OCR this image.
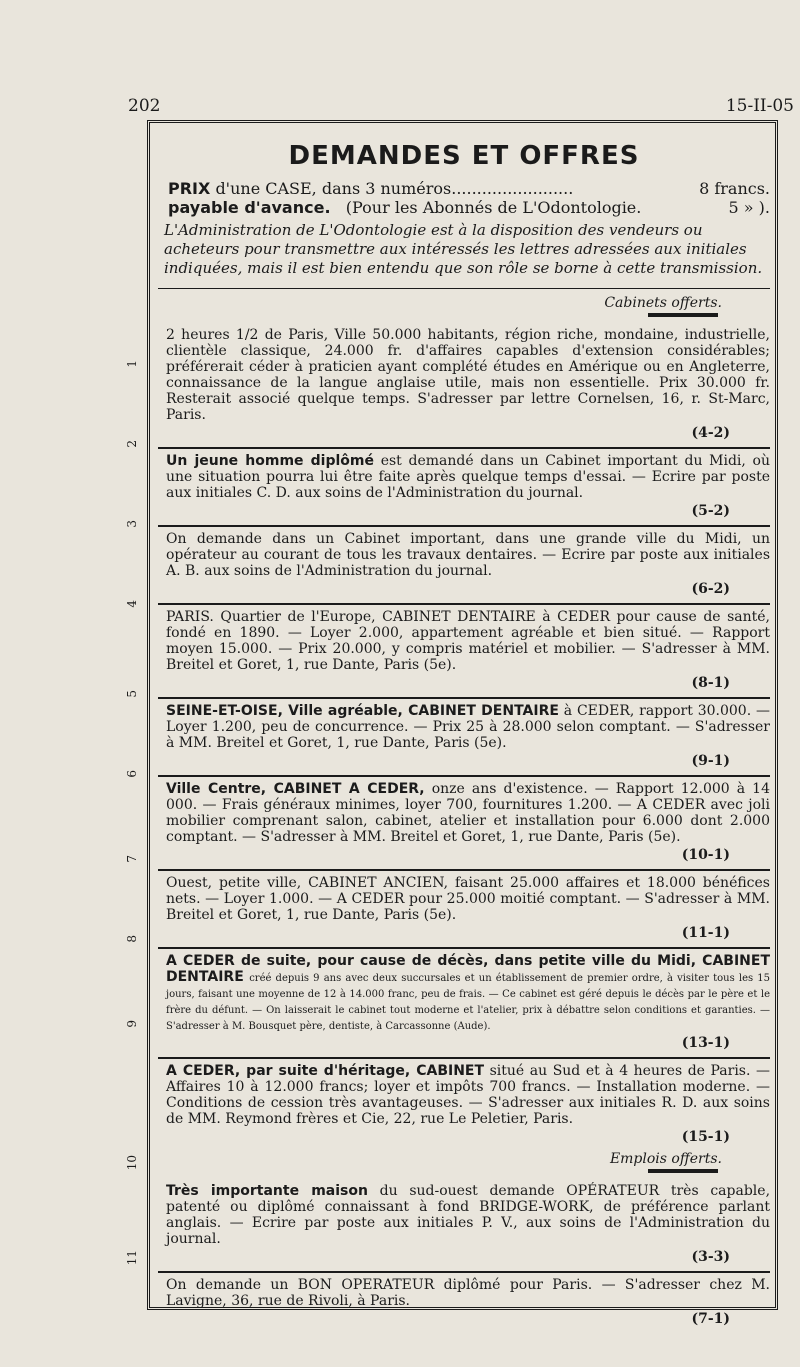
202	15-II-05
1
2
3
4
5
6
7
8
9
10
11
DEMANDES ET OFFRES
PRIX d'une CASE, dans 3 numéros........................	8 francs.
payable d'avance. (Pour les Abonnés de L'Odontologie.	5 » ).
L'Administration de L'Odontologie est à la disposition des vendeurs ou acheteurs pour transmettre aux intéressés les lettres adressées aux initiales indiquées, mais il est bien entendu que son rôle se borne à cette transmission.
Cabinets offerts.
2 heures 1/2 de Paris, Ville 50.000 habitants, région riche, mondaine, industrielle, clientèle classique, 24.000 fr. d'affaires capables d'extension considérables; préférerait céder à praticien ayant complété études en Amérique ou en Angleterre, connaissance de la langue anglaise utile, mais non essentielle. Prix 30.000 fr. Resterait associé quelque temps. S'adresser par lettre Cornelsen, 16, r. St-Marc, Paris.
(4-2)
Un jeune homme diplômé est demandé dans un Cabinet important du Midi, où une situation pourra lui être faite après quelque temps d'essai. — Ecrire par poste aux initiales C. D. aux soins de l'Administration du journal.
(5-2)
On demande dans un Cabinet important, dans une grande ville du Midi, un opérateur au courant de tous les travaux dentaires. — Ecrire par poste aux initiales A. B. aux soins de l'Administration du journal.
(6-2)
PARIS. Quartier de l'Europe, CABINET DENTAIRE à CEDER pour cause de santé, fondé en 1890. — Loyer 2.000, appartement agréable et bien situé. — Rapport moyen 15.000. — Prix 20.000, y compris matériel et mobilier. — S'adresser à MM. Breitel et Goret, 1, rue Dante, Paris (5e).
(8-1)
SEINE-ET-OISE, Ville agréable, CABINET DENTAIRE à CEDER, rapport 30.000. — Loyer 1.200, peu de concurrence. — Prix 25 à 28.000 selon comptant. — S'adresser à MM. Breitel et Goret, 1, rue Dante, Paris (5e).
(9-1)
Ville Centre, CABINET A CEDER, onze ans d'existence. — Rapport 12.000 à 14 000. — Frais généraux minimes, loyer 700, fournitures 1.200. — A CEDER avec joli mobilier comprenant salon, cabinet, atelier et installation pour 6.000 dont 2.000 comptant. — S'adresser à MM. Breitel et Goret, 1, rue Dante, Paris (5e).
(10-1)
Ouest, petite ville, CABINET ANCIEN, faisant 25.000 affaires et 18.000 bénéfices nets. — Loyer 1.000. — A CEDER pour 25.000 moitié comptant. — S'adresser à MM. Breitel et Goret, 1, rue Dante, Paris (5e).
(11-1)
A CEDER de suite, pour cause de décès, dans petite ville du Midi, CABINET DENTAIRE créé depuis 9 ans avec deux succursales et un établissement de premier ordre, à visiter tous les 15 jours, faisant une moyenne de 12 à 14.000 franc, peu de frais. — Ce cabinet est géré depuis le décès par le père et le frère du défunt. — On laisserait le cabinet tout moderne et l'atelier, prix à débattre selon conditions et garanties. — S'adresser à M. Bousquet père, dentiste, à Carcassonne (Aude).
(13-1)
A CEDER, par suite d'héritage, CABINET situé au Sud et à 4 heures de Paris. — Affaires 10 à 12.000 francs; loyer et impôts 700 francs. — Installation moderne. — Conditions de cession très avantageuses. — S'adresser aux initiales R. D. aux soins de MM. Reymond frères et Cie, 22, rue Le Peletier, Paris.
(15-1)
Emplois offerts.
Très importante maison du sud-ouest demande OPÉRATEUR très capable, patenté ou diplômé connaissant à fond BRIDGE-WORK, de préférence parlant anglais. — Ecrire par poste aux initiales P. V., aux soins de l'Administration du journal.
(3-3)
On demande un BON OPERATEUR diplômé pour Paris. — S'adresser chez M. Lavigne, 36, rue de Rivoli, à Paris.
(7-1)
